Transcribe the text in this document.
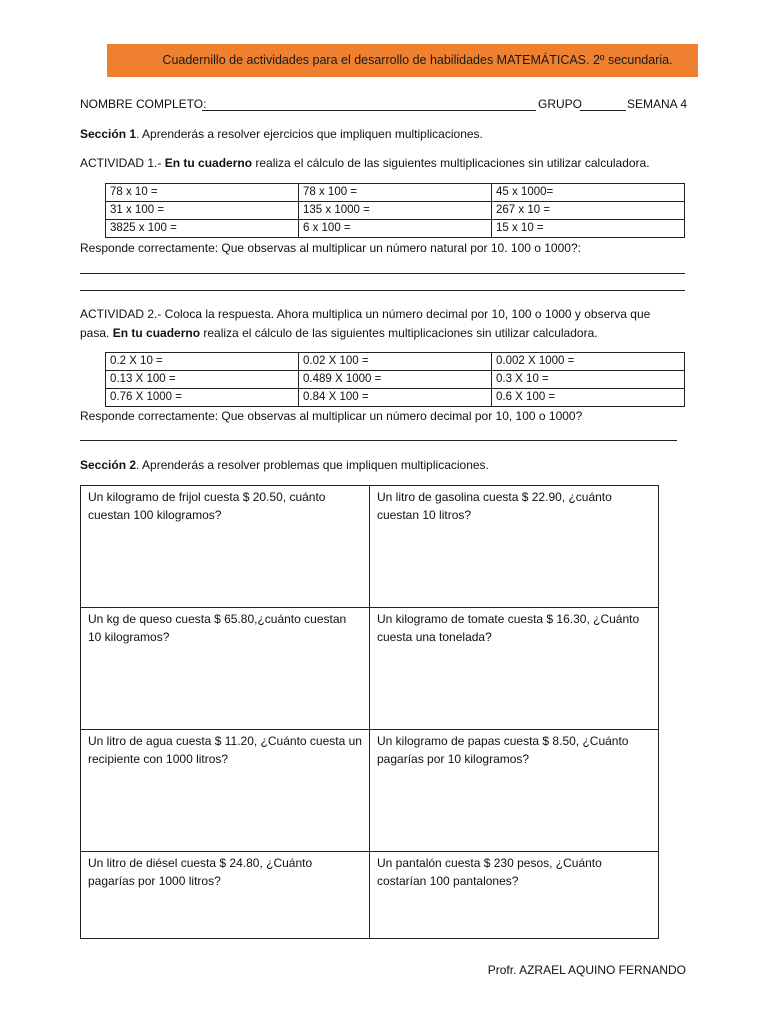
Cuadernillo de actividades para el desarrollo de habilidades MATEMÁTICAS. 2º secundaria.
NOMBRE COMPLETO:	GRUPO	SEMANA 4
Sección 1. Aprenderás a resolver ejercicios que impliquen multiplicaciones.
ACTIVIDAD 1.- En tu cuaderno realiza el cálculo de las siguientes multiplicaciones sin utilizar calculadora.
78 x 10 =	78 x 100 =	45 x 1000=
31 x 100 =	135 x 1000 =	267 x 10 =
3825 x 100 =	6 x 100 =	15 x 10 =
Responde correctamente: Que observas al multiplicar un número natural por 10. 100 o 1000?:
ACTIVIDAD 2.- Coloca la respuesta. Ahora multiplica un número decimal por 10, 100 o 1000 y observa que
pasa. En tu cuaderno realiza el cálculo de las siguientes multiplicaciones sin utilizar calculadora.
0.2 X 10 =	0.02 X 100 =	0.002 X 1000 =
0.13 X 100 =	0.489 X 1000 =	0.3 X 10 =
0.76 X 1000 =	0.84 X 100 =	0.6 X 100 =
Responde correctamente: Que observas al multiplicar un número decimal por 10, 100 o 1000?
Sección 2. Aprenderás a resolver problemas que impliquen multiplicaciones.
Un kilogramo de frijol cuesta $ 20.50, cuánto cuestan 100 kilogramos?	Un litro de gasolina cuesta $ 22.90, ¿cuánto cuestan 10 litros?
Un kg de queso cuesta $ 65.80,¿cuánto cuestan 10 kilogramos?	Un kilogramo de tomate cuesta $ 16.30, ¿Cuánto cuesta una tonelada?
Un litro de agua cuesta $ 11.20, ¿Cuánto cuesta un recipiente con 1000 litros?	Un kilogramo de papas cuesta $ 8.50, ¿Cuánto pagarías por 10 kilogramos?
Un litro de diésel cuesta $ 24.80, ¿Cuánto pagarías por 1000 litros?	Un pantalón cuesta $ 230 pesos, ¿Cuánto costarían 100 pantalones?
Profr. AZRAEL AQUINO FERNANDO
